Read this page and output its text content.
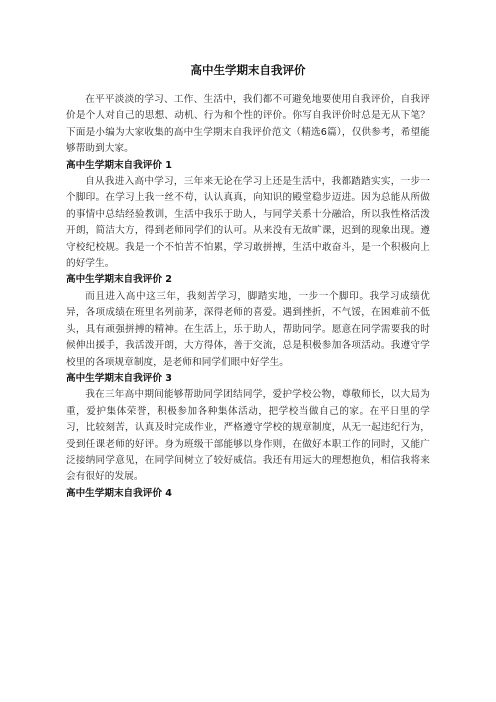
高中生学期末自我评价

在平平淡淡的学习、工作、生活中，我们都不可避免地要使用自我评价，自我评价是个人对自己的思想、动机、行为和个性的评价。你写自我评价时总是无从下笔？下面是小编为大家收集的高中生学期末自我评价范文（精选6篇），仅供参考，希望能够帮助到大家。

高中生学期末自我评价 1

自从我进入高中学习，三年来无论在学习上还是生活中，我都踏踏实实，一步一个脚印。在学习上我一丝不苟，认认真真，向知识的殿堂稳步迈进。因为总能从所做的事情中总结经验教训，生活中我乐于助人，与同学关系十分融洽，所以我性格活泼开朗，简洁大方，得到老师同学们的认可。从来没有无故旷课，迟到的现象出现。遵守校纪校规。我是一个不怕苦不怕累，学习敢拼搏，生活中敢奋斗，是一个积极向上的好学生。

高中生学期末自我评价 2

而且进入高中这三年，我刻苦学习，脚踏实地，一步一个脚印。我学习成绩优异，各项成绩在班里名列前茅，深得老师的喜爱。遇到挫折，不气馁，在困难前不低头，具有顽强拼搏的精神。在生活上，乐于助人，帮助同学。愿意在同学需要我的时候伸出援手，我活泼开朗，大方得体，善于交流，总是积极参加各项活动。我遵守学校里的各项规章制度，是老师和同学们眼中好学生。

高中生学期末自我评价 3

我在三年高中期间能够帮助同学团结同学，爱护学校公物，尊敬师长，以大局为重，爱护集体荣誉，积极参加各种集体活动，把学校当做自己的家。在平日里的学习，比较刻苦，认真及时完成作业，严格遵守学校的规章制度，从无一起违纪行为，受到任课老师的好评。身为班级干部能够以身作则，在做好本职工作的同时，又能广泛接纳同学意见，在同学间树立了较好威信。我还有用远大的理想抱负，相信我将来会有很好的发展。

高中生学期末自我评价 4
